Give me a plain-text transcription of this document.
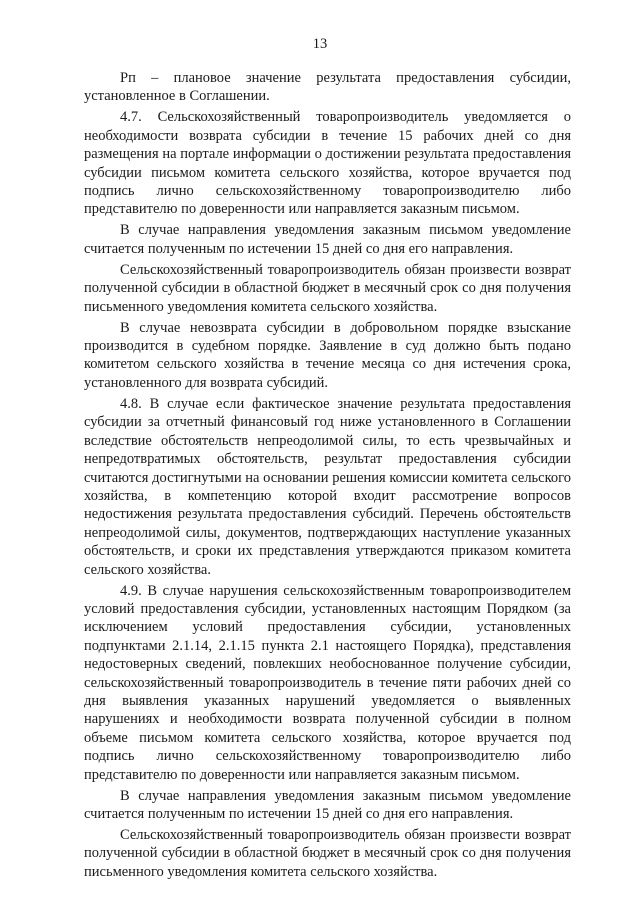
13

Рп – плановое значение результата предоставления субсидии, установленное в Соглашении.

4.7. Сельскохозяйственный товаропроизводитель уведомляется о необходимости возврата субсидии в течение 15 рабочих дней со дня размещения на портале информации о достижении результата предоставления субсидии письмом комитета сельского хозяйства, которое вручается под подпись лично сельскохозяйственному товаропроизводителю либо представителю по доверенности или направляется заказным письмом.

В случае направления уведомления заказным письмом уведомление считается полученным по истечении 15 дней со дня его направления.

Сельскохозяйственный товаропроизводитель обязан произвести возврат полученной субсидии в областной бюджет в месячный срок со дня получения письменного уведомления комитета сельского хозяйства.

В случае невозврата субсидии в добровольном порядке взыскание производится в судебном порядке. Заявление в суд должно быть подано комитетом сельского хозяйства в течение месяца со дня истечения срока, установленного для возврата субсидий.

4.8. В случае если фактическое значение результата предоставления субсидии за отчетный финансовый год ниже установленного в Соглашении вследствие обстоятельств непреодолимой силы, то есть чрезвычайных и непредотвратимых обстоятельств, результат предоставления субсидии считаются достигнутыми на основании решения комиссии комитета сельского хозяйства, в компетенцию которой входит рассмотрение вопросов недостижения результата предоставления субсидий. Перечень обстоятельств непреодолимой силы, документов, подтверждающих наступление указанных обстоятельств, и сроки их представления утверждаются приказом комитета сельского хозяйства.

4.9. В случае нарушения сельскохозяйственным товаропроизводителем условий предоставления субсидии, установленных настоящим Порядком (за исключением условий предоставления субсидии, установленных подпунктами 2.1.14, 2.1.15 пункта 2.1 настоящего Порядка), представления недостоверных сведений, повлекших необоснованное получение субсидии, сельскохозяйственный товаропроизводитель в течение пяти рабочих дней со дня выявления указанных нарушений уведомляется о выявленных нарушениях и необходимости возврата полученной субсидии в полном объеме письмом комитета сельского хозяйства, которое вручается под подпись лично сельскохозяйственному товаропроизводителю либо представителю по доверенности или направляется заказным письмом.

В случае направления уведомления заказным письмом уведомление считается полученным по истечении 15 дней со дня его направления.

Сельскохозяйственный товаропроизводитель обязан произвести возврат полученной субсидии в областной бюджет в месячный срок со дня получения письменного уведомления комитета сельского хозяйства.
